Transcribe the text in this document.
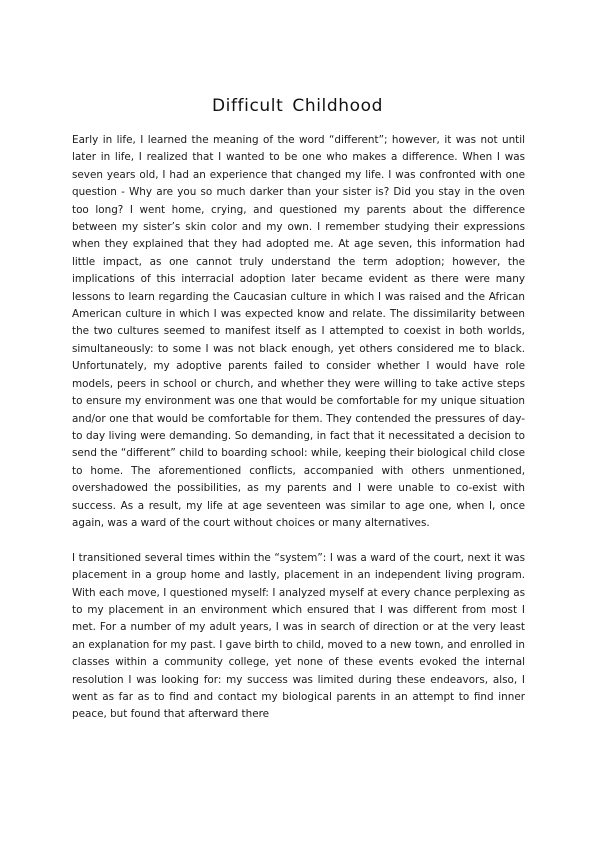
Difficult Childhood

Early in life, I learned the meaning of the word “different”; however, it was not until later in life, I realized that I wanted to be one who makes a difference. When I was seven years old, I had an experience that changed my life. I was confronted with one question - Why are you so much darker than your sister is? Did you stay in the oven too long? I went home, crying, and questioned my parents about the difference between my sister’s skin color and my own. I remember studying their expressions when they explained that they had adopted me. At age seven, this information had little impact, as one cannot truly understand the term adoption; however, the implications of this interracial adoption later became evident as there were many lessons to learn regarding the Caucasian culture in which I was raised and the African American culture in which I was expected know and relate. The dissimilarity between the two cultures seemed to manifest itself as I attempted to coexist in both worlds, simultaneously: to some I was not black enough, yet others considered me to black. Unfortunately, my adoptive parents failed to consider whether I would have role models, peers in school or church, and whether they were willing to take active steps to ensure my environment was one that would be comfortable for my unique situation and/or one that would be comfortable for them. They contended the pressures of day-to day living were demanding. So demanding, in fact that it necessitated a decision to send the “different” child to boarding school: while, keeping their biological child close to home. The aforementioned conflicts, accompanied with others unmentioned, overshadowed the possibilities, as my parents and I were unable to co-exist with success. As a result, my life at age seventeen was similar to age one, when I, once again, was a ward of the court without choices or many alternatives.

I transitioned several times within the “system”: I was a ward of the court, next it was placement in a group home and lastly, placement in an independent living program. With each move, I questioned myself: I analyzed myself at every chance perplexing as to my placement in an environment which ensured that I was different from most I met. For a number of my adult years, I was in search of direction or at the very least an explanation for my past. I gave birth to child, moved to a new town, and enrolled in classes within a community college, yet none of these events evoked the internal resolution I was looking for: my success was limited during these endeavors, also, I went as far as to find and contact my biological parents in an attempt to find inner peace, but found that afterward there
